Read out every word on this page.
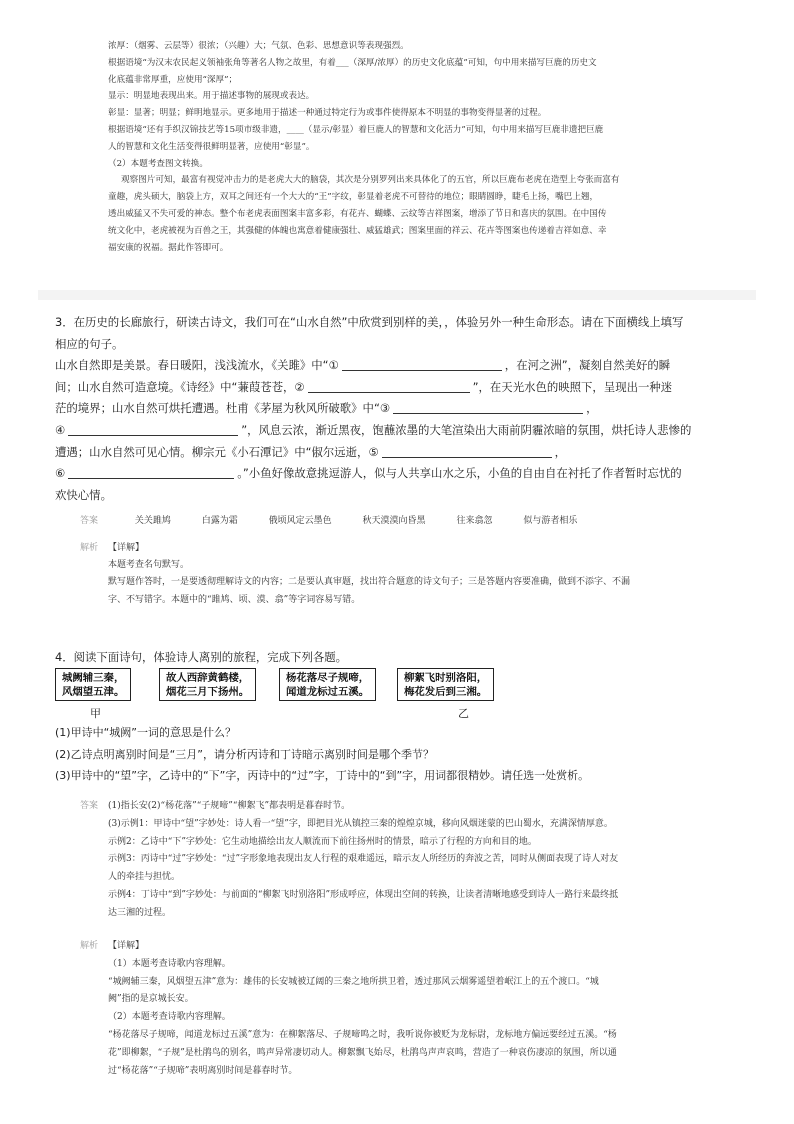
浓厚：（烟雾、云层等）很浓；（兴趣）大；气氛、色彩、思想意识等表现强烈。

根据语境“为汉末农民起义领袖张角等著名人物之故里，有着___（深厚/浓厚）的历史文化底蕴”可知，句中用来描写巨鹿的历史文

化底蕴非常厚重，应使用“深厚”；

显示：明显地表现出来。用于描述事物的展现或表达。

彰显：显著；明显；鲜明地显示。更多地用于描述一种通过特定行为或事件使得原本不明显的事物变得显著的过程。

根据语境“还有手织汉锦技艺等15项市级非遗，____（显示/彰显）着巨鹿人的智慧和文化活力”可知，句中用来描写巨鹿非遗把巨鹿

人的智慧和文化生活变得很鲜明显著，应使用“彰显”。

（2）本题考查图文转换。

观察图片可知，最富有视觉冲击力的是老虎大大的脑袋，其次是分别罗列出来具体化了的五官，所以巨鹿布老虎在造型上夸张而富有

童趣，虎头硕大，脑袋上方，双耳之间还有一个大大的“王”字纹，彰显着老虎不可替待的地位；眼睛圆睁，睫毛上扬，嘴巴上翘，

透出威猛又不失可爱的神态。整个布老虎表面图案丰富多彩，有花卉、蝴蝶、云纹等吉祥图案，增添了节日和喜庆的氛围。在中国传

统文化中，老虎被视为百兽之王，其强健的体魄也寓意着健康强壮、威猛雄武；图案里面的祥云、花卉等图案也传递着吉祥如意、幸

福安康的祝福。据此作答即可。

3．在历史的长廊旅行，研读古诗文，我们可在“山水自然”中欣赏到别样的美，，体验另外一种生命形态。请在下面横线上填写

相应的句子。

山水自然即是美景。春日暖阳，浅浅流水，《关雎》中“①	，在河之洲”，凝刻自然美好的瞬

间；山水自然可造意境。《诗经》中“蒹葭苍苍，②	”，在天光水色的映照下，呈现出一种迷

茫的境界；山水自然可烘托遭遇。杜甫《茅屋为秋风所破歌》中“③	，

④	”，风息云浓，渐近黑夜，饱蘸浓墨的大笔渲染出大雨前阴霾浓暗的氛围，烘托诗人悲惨的

遭遇；山水自然可见心情。柳宗元《小石潭记》中“俶尔远逝，⑤	，

⑥	。”小鱼好像故意挑逗游人，似与人共享山水之乐，小鱼的自由自在衬托了作者暂时忘忧的

欢快心情。

答案	关关雎鸠	白露为霜	俄顷风定云墨色	秋天漠漠向昏黑	往来翕忽	似与游者相乐
解析 【详解】

本题考查名句默写。

默写题作答时，一是要透彻理解诗文的内容；二是要认真审题，找出符合题意的诗文句子；三是答题内容要准确，做到不添字、不漏

字、不写错字。本题中的“雎鸠、顷、漠、翕”等字词容易写错。

4．阅读下面诗句，体验诗人离别的旅程，完成下列各题。
城阙辅三秦，
风烟望五津。
故人西辞黄鹤楼，
烟花三月下扬州。
杨花落尽子规啼，
闻道龙标过五溪。
柳絮飞时别洛阳，
梅花发后到三湘。
甲	乙

(1)甲诗中“城阙”一词的意思是什么？

(2)乙诗点明离别时间是“三月”，请分析丙诗和丁诗暗示离别时间是哪个季节？

(3)甲诗中的“望”字，乙诗中的“下”字，丙诗中的“过”字，丁诗中的“到”字，用词都很精妙。请任选一处赏析。

答案 (1)指长安(2)“杨花落”“子规啼”“柳絮飞”都表明是暮春时节。

(3)示例1：甲诗中“望”字妙处：诗人看一“望”字，即把目光从镇控三秦的煌煌京城，移向风烟迷蒙的巴山蜀水，充满深情厚意。

示例2：乙诗中“下”字妙处：它生动地描绘出友人顺流而下前往扬州时的情景，暗示了行程的方向和目的地。

示例3：丙诗中“过”字妙处：“过”字形象地表现出友人行程的艰难遥远，暗示友人所经历的奔波之苦，同时从侧面表现了诗人对友

人的牵挂与担忧。

示例4：丁诗中“到”字妙处：与前面的“柳絮飞时别洛阳”形成呼应，体现出空间的转换，让读者清晰地感受到诗人一路行来最终抵

达三湘的过程。

解析 【详解】

（1）本题考查诗歌内容理解。

“城阙辅三秦，风烟望五津”意为：雄伟的长安城被辽阔的三秦之地所拱卫着，透过那风云烟雾遥望着岷江上的五个渡口。“城

阙”指的是京城长安。

（2）本题考查诗歌内容理解。

“杨花落尽子规啼，闻道龙标过五溪”意为：在柳絮落尽、子规啼鸣之时，我听说你被贬为龙标尉，龙标地方偏远要经过五溪。“杨

花”即柳絮，“子规”是杜鹃鸟的别名，鸣声异常凄切动人。柳絮飘飞始尽，杜鹃鸟声声哀鸣，营造了一种哀伤凄凉的氛围，所以通

过“杨花落”“子规啼”表明离别时间是暮春时节。
